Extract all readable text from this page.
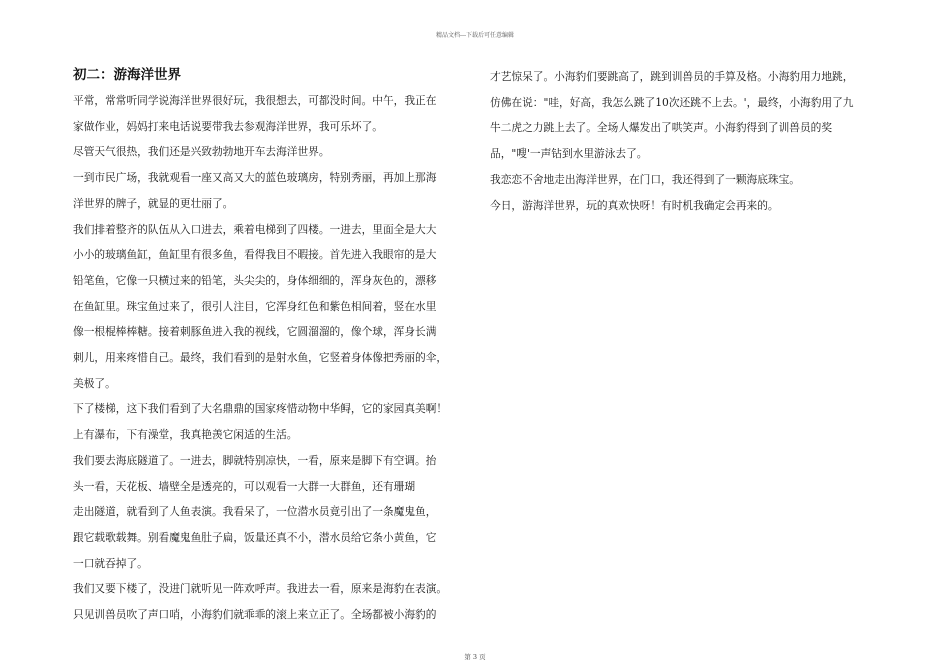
精品文档---下载后可任意编辑
初二：游海洋世界

平常，常常听同学说海洋世界很好玩，我很想去，可都没时间。中午，我正在

家做作业，妈妈打来电话说要带我去参观海洋世界，我可乐坏了。

尽管天气很热，我们还是兴致勃勃地开车去海洋世界。

一到市民广场，我就观看一座又高又大的蓝色玻璃房，特别秀丽，再加上那海

洋世界的牌子，就显的更壮丽了。

我们排着整齐的队伍从入口进去，乘着电梯到了四楼。一进去，里面全是大大

小小的玻璃鱼缸，鱼缸里有很多鱼，看得我目不暇接。首先进入我眼帘的是大

铅笔鱼，它像一只横过来的铅笔，头尖尖的，身体细细的，浑身灰色的，漂移

在鱼缸里。珠宝鱼过来了，很引人注目，它浑身红色和紫色相间着，竖在水里

像一根棍棒棒糖。接着刺豚鱼进入我的视线，它圆溜溜的，像个球，浑身长满

刺儿，用来疼惜自己。最终，我们看到的是射水鱼，它竖着身体像把秀丽的伞，

美极了。

下了楼梯，这下我们看到了大名鼎鼎的国家疼惜动物中华鲟，它的家园真美啊！

上有瀑布，下有澡堂，我真艳羡它闲适的生活。

我们要去海底隧道了。一进去，脚就特别凉快，一看，原来是脚下有空调。抬

头一看，天花板、墙壁全是透亮的，可以观看一大群一大群鱼，还有珊瑚

走出隧道，就看到了人鱼表演。我看呆了，一位潜水员竟引出了一条魔鬼鱼，

跟它载歌载舞。别看魔鬼鱼肚子扁，饭量还真不小，潜水员给它条小黄鱼，它

一口就吞掉了。

我们又要下楼了，没进门就听见一阵欢呼声。我进去一看，原来是海豹在表演。

只见训兽员吹了声口哨，小海豹们就乖乖的滚上来立正了。全场都被小海豹的

才艺惊呆了。小海豹们要跳高了，跳到训兽员的手算及格。小海豹用力地跳，

仿佛在说："哇，好高，我怎么跳了10次还跳不上去。'，最终，小海豹用了九

牛二虎之力跳上去了。全场人爆发出了哄笑声。小海豹得到了训兽员的奖

品，"嗖'一声钻到水里游泳去了。

我恋恋不舍地走出海洋世界，在门口，我还得到了一颗海底珠宝。

今日，游海洋世界，玩的真欢快呀！有时机我确定会再来的。

第 3 页
